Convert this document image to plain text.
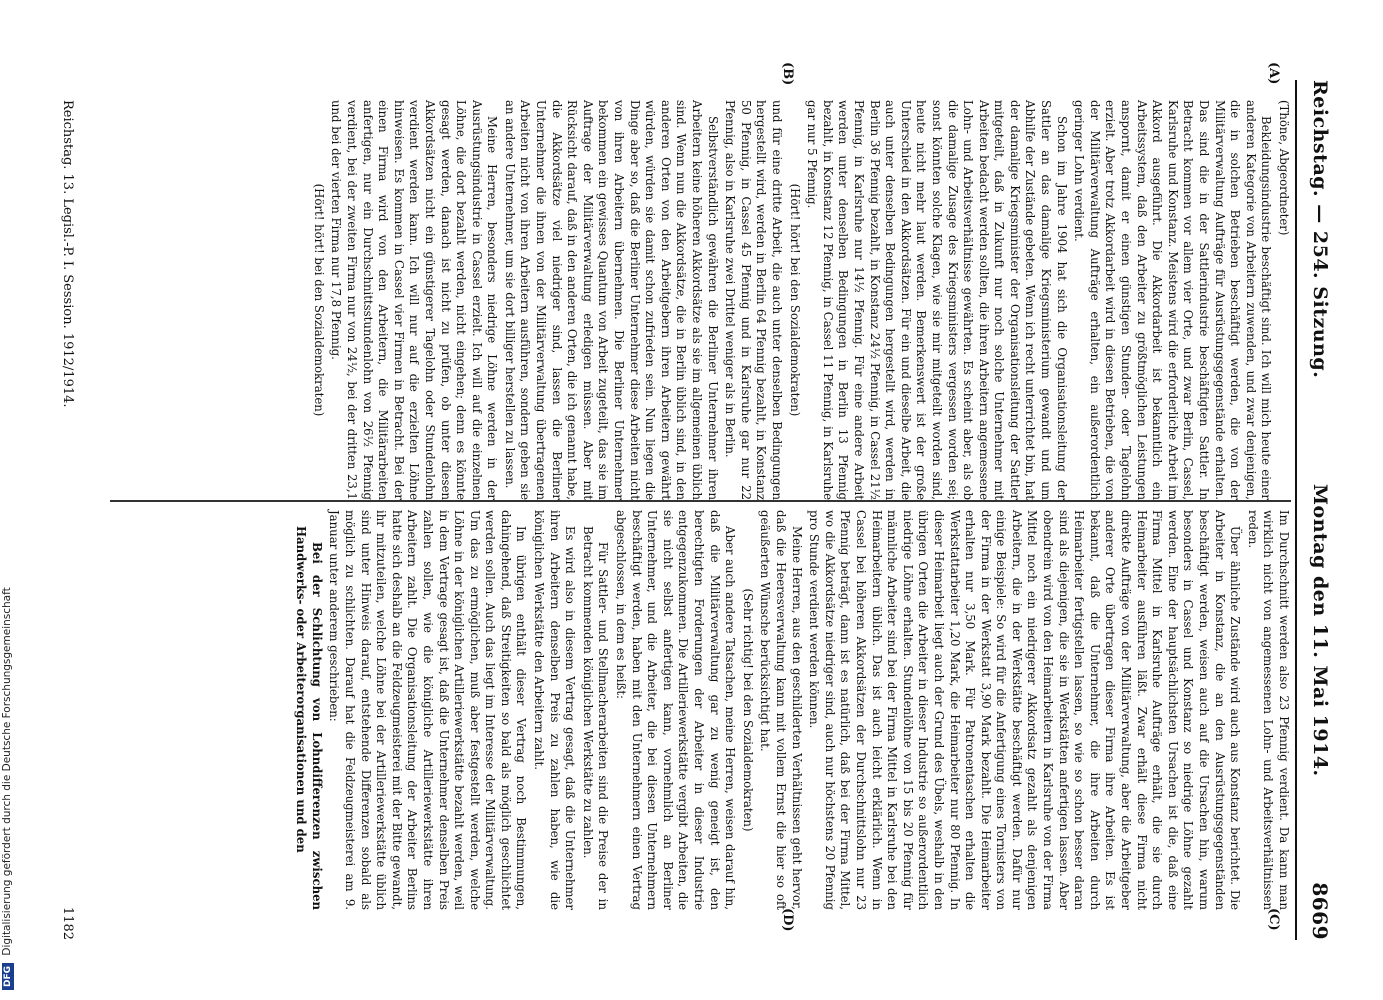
Reichstag. — 254. Sitzung.
Montag den 11. Mai 1914.
8669
(A)
(B)
(C)
(D)

(Thöne, Abgeordneter)

Bekleidungsindustrie beschäftigt sind. Ich will mich heute einer anderen Kategorie von Arbeitern zuwenden, und zwar denjenigen, die in solchen Betrieben beschäftigt werden, die von der Militärverwaltung Aufträge für Ausrüstungsgegenstände erhalten. Das sind die in der Sattlerindustrie beschäftigten Sattler. In Betracht kommen vor allem vier Orte, und zwar Berlin, Cassel, Karlsruhe und Konstanz. Meistens wird die erforderliche Arbeit im Akkord ausgeführt. Die Akkordarbeit ist bekanntlich ein Arbeitssystem, daß den Arbeiter zu größtmöglichen Leistungen anspornt, damit er einen günstigen Stunden- oder Tagelohn erzielt. Aber trotz Akkordarbeit wird in diesen Betrieben, die von der Militärverwaltung Aufträge erhalten, ein außerordentlich geringer Lohn verdient.

Schon im Jahre 1904 hat sich die Organisationsleitung der Sattler an das damalige Kriegsministerium gewandt und um Abhilfe der Zustände gebeten. Wenn ich recht unterrichtet bin, hat der damalige Kriegsminister der Organisationsleitung der Sattler mitgeteilt, daß in Zukunft nur noch solche Unternehmer mit Arbeiten bedacht werden sollten, die ihren Arbeitern angemessene Lohn- und Arbeitsverhältnisse gewährten. Es scheint aber, als ob die damalige Zusage des Kriegsministers vergessen worden sei; sonst könnten solche Klagen, wie sie mir mitgeteilt worden sind, heute nicht mehr laut werden. Bemerkenswert ist der große Unterschied in den Akkordsätzen. Für ein und dieselbe Arbeit, die auch unter denselben Bedingungen hergestellt wird, werden in Berlin 36 Pfennig bezahlt, in Konstanz 24½ Pfennig, in Cassel 21½ Pfennig, in Karlsruhe nur 14½ Pfennig. Für eine andere Arbeit werden unter denselben Bedingungen in Berlin 13 Pfennig bezahlt, in Konstanz 12 Pfennig, in Cassel 11 Pfennig, in Karlsruhe gar nur 5 Pfennig.

(Hört! hört! bei den Sozialdemokraten)

und für eine dritte Arbeit, die auch unter denselben Bedingungen hergestellt wird, werden in Berlin 64 Pfennig bezahlt, in Konstanz 50 Pfennig, in Cassel 45 Pfennig und in Karlsruhe gar nur 22 Pfennig, also in Karlsruhe zwei Drittel weniger als in Berlin.

Selbstverständlich gewähren die Berliner Unternehmer ihren Arbeitern keine höheren Akkordsätze als sie im allgemeinen üblich sind. Wenn nun die Akkordsätze, die in Berlin üblich sind, in den anderen Orten von den Arbeitgebern ihren Arbeitern gewährt würden, würden sie damit schon zufrieden sein. Nun liegen die Dinge aber so, daß die Berliner Unternehmer diese Arbeiten nicht von ihren Arbeitern übernehmen. Die Berliner Unternehmer bekommen ein gewisses Quantum von Arbeit zugeteilt, das sie im Auftrage der Militärverwaltung erledigen müssen. Aber mit Rücksicht darauf, daß in den anderen Orten, die ich genannt habe, die Akkordsätze viel niedriger sind, lassen die Berliner Unternehmer die ihnen von der Militärverwaltung übertragenen Arbeiten nicht von ihren Arbeitern ausführen, sondern geben sie an andere Unternehmer, um sie dort billiger herstellen zu lassen.

Meine Herren, besonders niedrige Löhne werden in der Ausrüstungsindustrie in Cassel erzielt. Ich will auf die einzelnen Löhne, die dort bezahlt werden, nicht eingehen; denn es könnte gesagt werden, danach ist nicht zu prüfen, ob unter diesen Akkordsätzen nicht ein günstigerer Tagelohn oder Stundenlohn verdient werden kann. Ich will nur auf die erzielten Löhne hinweisen. Es kommen in Cassel vier Firmen in Betracht. Bei der einen Firma wird von den Arbeitern, die Militärarbeiten anfertigen, nur ein Durchschnittsstundenlohn von 26½ Pfennig verdient, bei der zweiten Firma nur von 24½, bei der dritten 23,1 und bei der vierten Firma nur 17,8 Pfennig.

(Hört! hört! bei den Sozialdemokraten)

Im Durchschnitt werden also 23 Pfennig verdient. Da kann man wirklich nicht von angemessenen Lohn- und Arbeitsverhältnissen reden.

Über ähnliche Zustände wird auch aus Konstanz berichtet. Die Arbeiter in Konstanz, die an den Ausrüstungsgegenständen beschäftigt werden, weisen auch auf die Ursachen hin, warum besonders in Cassel und Konstanz so niedrige Löhne gezahlt werden. Eine der hauptsächlichsten Ursachen ist die, daß eine Firma Mittel in Karlsruhe Aufträge erhält, die sie durch Heimarbeiter ausführen läßt. Zwar erhält diese Firma nicht direkte Aufträge von der Militärverwaltung, aber die Arbeitgeber anderer Orte übertragen dieser Firma ihre Arbeiten. Es ist bekannt, daß die Unternehmer, die ihre Arbeiten durch Heimarbeiter fertigstellen lassen, so wie so schon besser daran sind als diejenigen, die sie in Werkstätten anfertigen lassen. Aber obendrein wird von den Heimarbeitern in Karlsruhe von der Firma Mittel noch ein niedrigerer Akkordsatz gezahlt als denjenigen Arbeitern, die in der Werkstätte beschäftigt werden. Dafür nur einige Beispiele: So wird für die Anfertigung eines Tornisters von der Firma in der Werkstatt 3,90 Mark bezahlt. Die Heimarbeiter erhalten nur 3,50 Mark. Für Patronentaschen erhalten die Werkstattarbeiter 1,20 Mark, die Heimarbeiter nur 80 Pfennig. In dieser Heimarbeit liegt auch der Grund des Übels, weshalb in den übrigen Orten die Arbeiter in dieser Industrie so außerordentlich niedrige Löhne erhalten. Stundenlöhne von 15 bis 20 Pfennig für männliche Arbeiter sind bei der Firma Mittel in Karlsruhe bei den Heimarbeitern üblich. Das ist auch leicht erklärlich. Wenn in Cassel bei höheren Akkordsätzen der Durchschnittslohn nur 23 Pfennig beträgt, dann ist es natürlich, daß bei der Firma Mittel, wo die Akkordsätze niedriger sind, auch nur höchstens 20 Pfennig pro Stunde verdient werden können.

Meine Herren, aus den geschilderten Verhältnissen geht hervor, daß die Heeresverwaltung kann mit vollem Ernst die hier so oft geäußerten Wünsche berücksichtigt hat.

(Sehr richtig! bei den Sozialdemokraten)

Aber auch andere Tatsachen, meine Herren, weisen darauf hin, daß die Militärverwaltung gar zu wenig geneigt ist, den berechtigten Forderungen der Arbeiter in dieser Industrie entgegenzukommen. Die Artilleriewerkstätte vergibt Arbeiten, die sie nicht selbst anfertigen kann, vornehmlich an Berliner Unternehmer, und die Arbeiter, die bei diesen Unternehmern beschäftigt werden, haben mit den Unternehmern einen Vertrag abgeschlossen, in dem es heißt:

Für Sattler- und Stellmacherarbeiten sind die Preise der in Betracht kommenden königlichen Werkstätte zu zahlen.

Es wird also in diesem Vertrag gesagt, daß die Unternehmer ihren Arbeitern denselben Preis zu zahlen haben, wie die königlichen Werkstätte den Arbeitern zahlt.

Im übrigen enthält dieser Vertrag noch Bestimmungen, dahingehend, daß Streitigkeiten so bald als möglich geschlichtet werden sollen. Auch das liegt im Interesse der Militärverwaltung. Um das zu ermöglichen, muß aber festgestellt werden, welche Löhne in der königlichen Artilleriewerkstätte bezahlt werden, weil in dem Vertrage gesagt ist, daß die Unternehmer denselben Preis zahlen sollen, wie die königliche Artilleriewerkstätte ihren Arbeitern zahlt. Die Organisationsleitung der Arbeiter Berlins hatte sich deshalb an die Feldzeugmeisterei mit der Bitte gewandt, ihr mitzuteilen, welche Löhne bei der Artilleriewerkstätte üblich sind unter Hinweis darauf, entstehende Differenzen sobald als möglich zu schlichten. Darauf hat die Feldzeugmeisterei am 9. Januar unter anderem geschrieben:

Bei der Schlichtung von Lohndifferenzen zwischen Handwerks- oder Arbeiterorganisationen und den

Reichstag. 13. Legisl.-P. I. Session. 1912/1914.
1182
DFG Digitalisierung gefördert durch die Deutsche Forschungsgemeinschaft
